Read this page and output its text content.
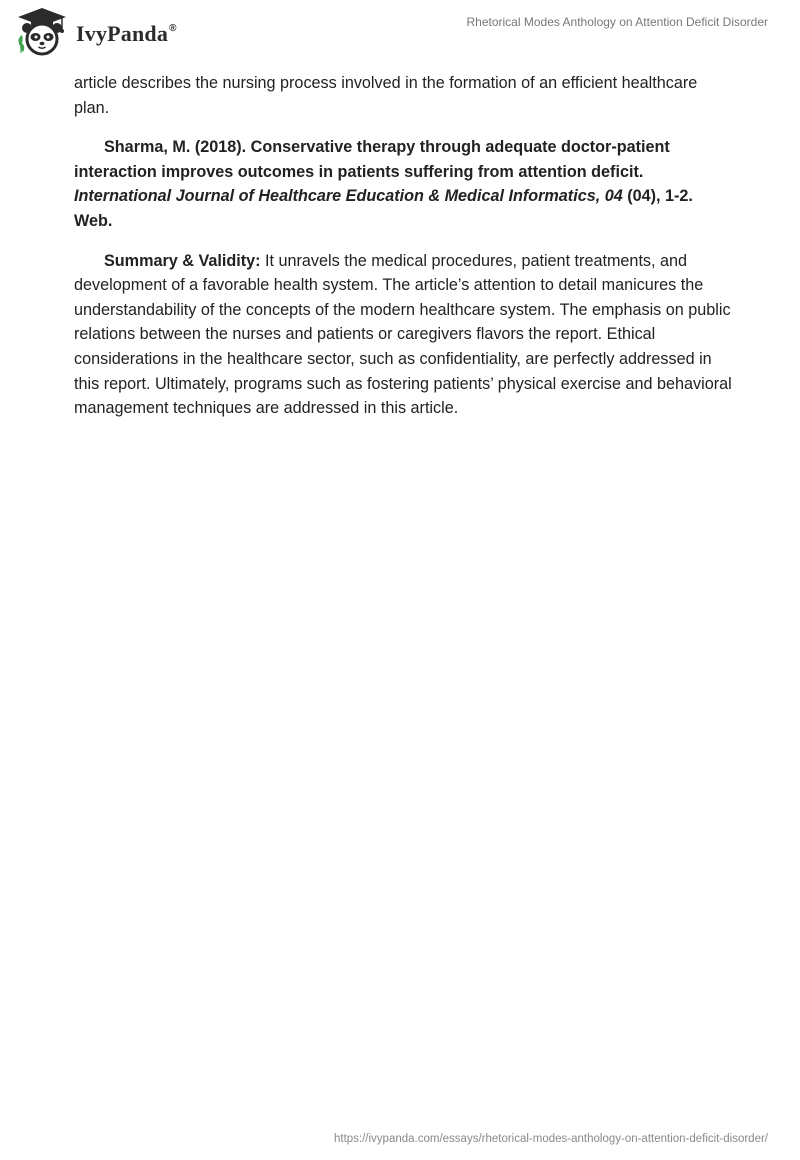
IvyPanda®	Rhetorical Modes Anthology on Attention Deficit Disorder

article describes the nursing process involved in the formation of an efficient healthcare plan.

Sharma, M. (2018). Conservative therapy through adequate doctor-patient interaction improves outcomes in patients suffering from attention deficit.
International Journal of Healthcare Education & Medical Informatics, 04 (04), 1-2. Web.

Summary & Validity: It unravels the medical procedures, patient treatments, and development of a favorable health system. The article’s attention to detail manicures the understandability of the concepts of the modern healthcare system. The emphasis on public relations between the nurses and patients or caregivers flavors the report. Ethical considerations in the healthcare sector, such as confidentiality, are perfectly addressed in this report. Ultimately, programs such as fostering patients’ physical exercise and behavioral management techniques are addressed in this article.

https://ivypanda.com/essays/rhetorical-modes-anthology-on-attention-deficit-disorder/
